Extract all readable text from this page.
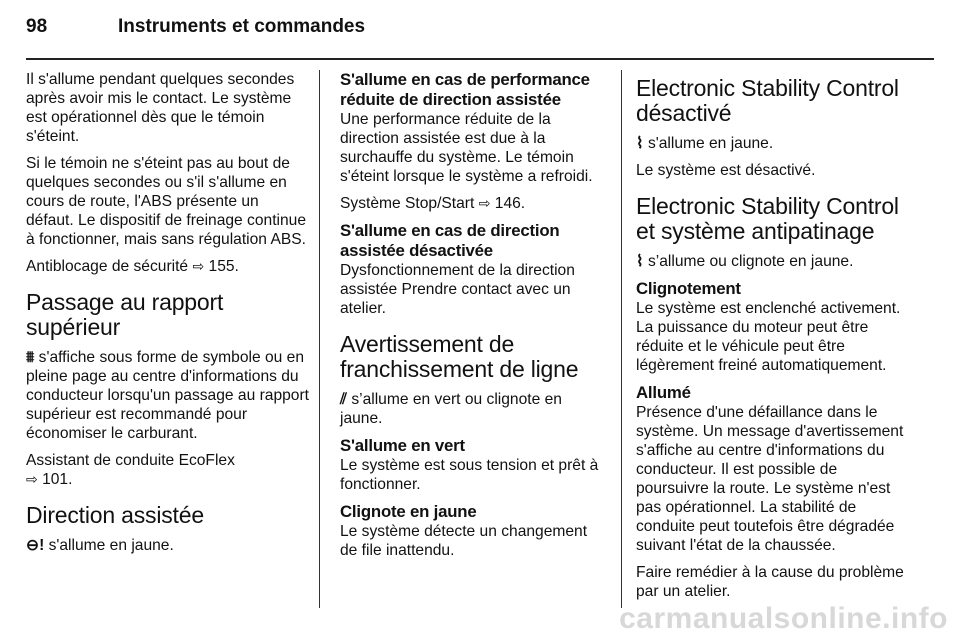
98	Instruments et commandes

Il s'allume pendant quelques secondes après avoir mis le contact. Le système est opérationnel dès que le témoin s'éteint.

Si le témoin ne s'éteint pas au bout de quelques secondes ou s'il s'allume en cours de route, l'ABS présente un défaut. Le dispositif de freinage continue à fonctionner, mais sans régulation ABS.

Antiblocage de sécurité ⇨ 155.

Passage au rapport supérieur

⩩ s'affiche sous forme de symbole ou en pleine page au centre d'informations du conducteur lorsqu'un passage au rapport supérieur est recommandé pour économiser le carburant.

Assistant de conduite EcoFlex
⇨ 101.

Direction assistée

⊖! s'allume en jaune.

S'allume en cas de performance réduite de direction assistée

Une performance réduite de la direction assistée est due à la surchauffe du système. Le témoin s'éteint lorsque le système a refroidi.

Système Stop/Start ⇨ 146.

S'allume en cas de direction assistée désactivée

Dysfonctionnement de la direction assistée Prendre contact avec un atelier.

Avertissement de franchissement de ligne

⫽ s’allume en vert ou clignote en jaune.

S'allume en vert

Le système est sous tension et prêt à fonctionner.

Clignote en jaune

Le système détecte un changement de file inattendu.

Electronic Stability Control désactivé

⌇ s'allume en jaune.

Le système est désactivé.

Electronic Stability Control et système antipatinage

⌇ s’allume ou clignote en jaune.

Clignotement

Le système est enclenché activement. La puissance du moteur peut être réduite et le véhicule peut être légèrement freiné automatiquement.

Allumé

Présence d'une défaillance dans le système. Un message d'avertissement s'affiche au centre d'informations du conducteur. Il est possible de poursuivre la route. Le système n'est pas opérationnel. La stabilité de conduite peut toutefois être dégradée suivant l'état de la chaussée.

Faire remédier à la cause du problème par un atelier.

carmanualsonline.info
